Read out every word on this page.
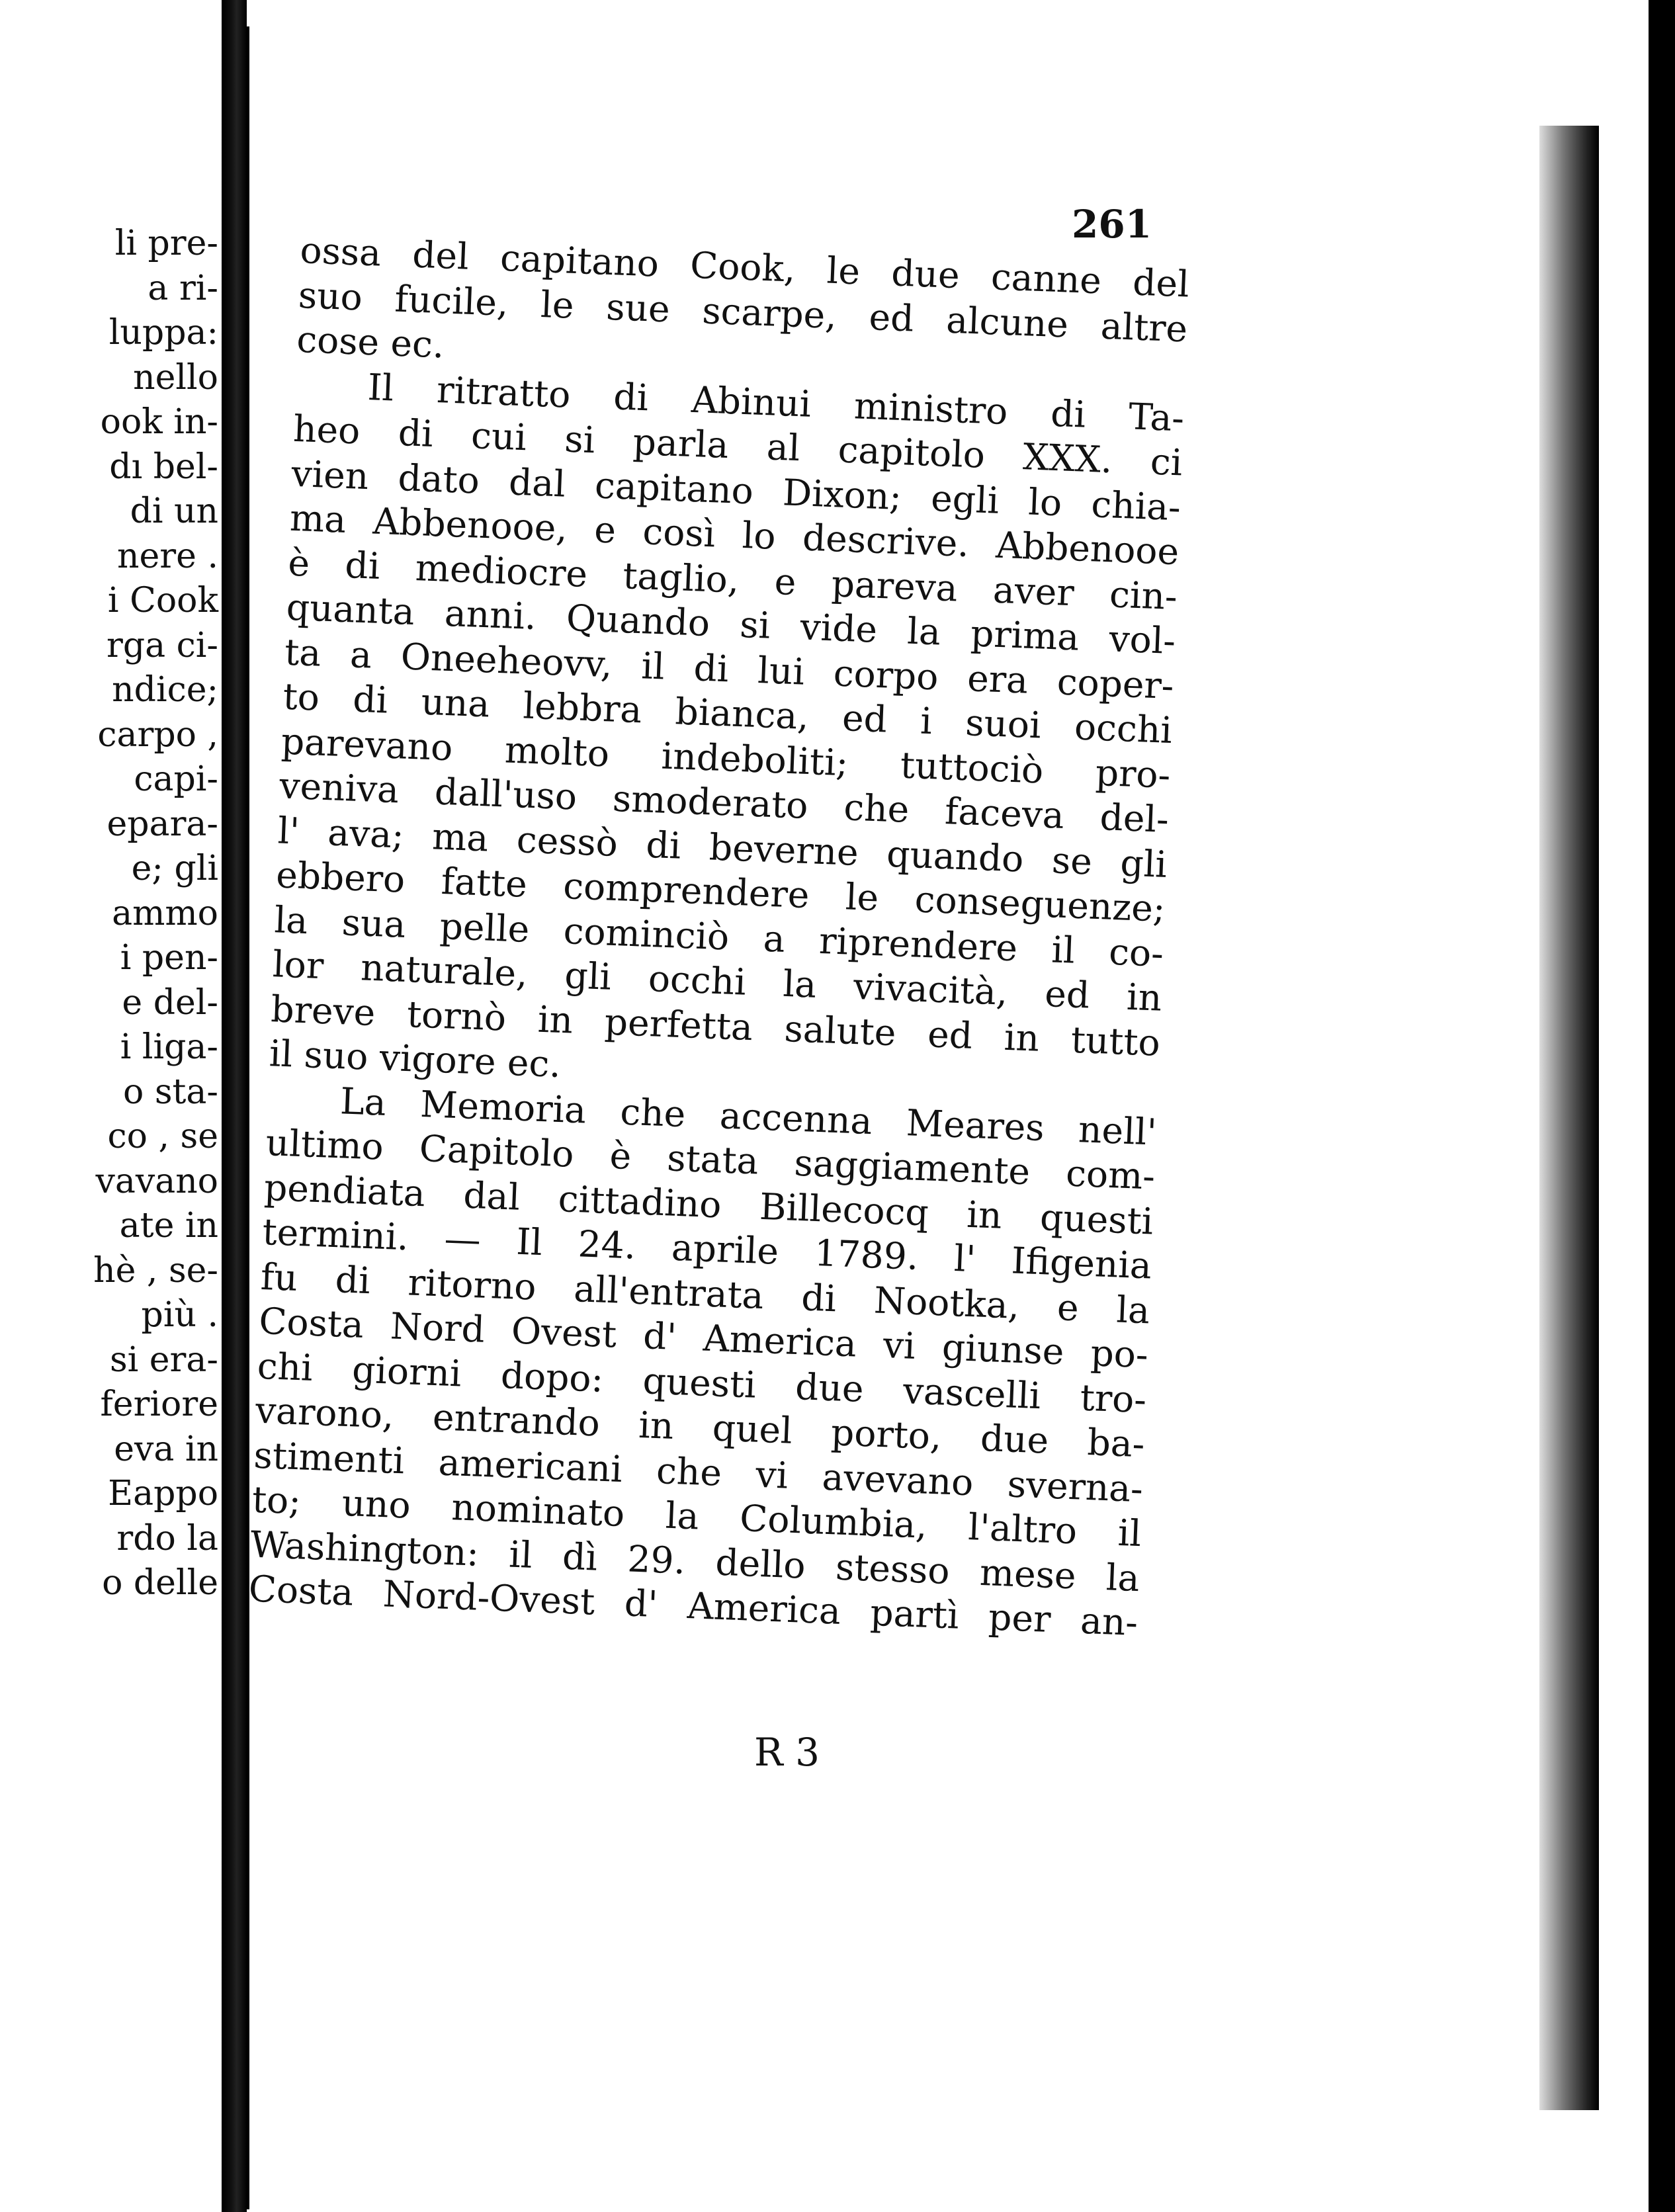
li pre-
a ri-
luppa:
nello
ook in-
dı bel-
di un
nere .
i Cook
rga ci-
ndice;
carpo ,
capi-
epara-
e; gli
ammo
i pen-
e del-
i liga-
o sta-
co , se
vavano
ate in
hè , se-
più .
si era-
feriore
eva in
Eappo
rdo la
o delle
261
ossa del capitano Cook, le due canne del
suo fucile, le sue scarpe, ed alcune altre
cose ec.
Il ritratto di Abinui ministro di Ta-
heo di cui si parla al capitolo XXX. ci
vien dato dal capitano Dixon; egli lo chia-
ma Abbenooe, e così lo descrive. Abbenooe
è di mediocre taglio, e pareva aver cin-
quanta anni. Quando si vide la prima vol-
ta a Oneeheovv, il di lui corpo era coper-
to di una lebbra bianca, ed i suoi occhi
parevano molto indeboliti; tuttociò pro-
veniva dall'uso smoderato che faceva del-
l' ava; ma cessò di beverne quando se gli
ebbero fatte comprendere le conseguenze;
la sua pelle cominciò a riprendere il co-
lor naturale, gli occhi la vivacità, ed in
breve tornò in perfetta salute ed in tutto
il suo vigore ec.
La Memoria che accenna Meares nell'
ultimo Capitolo è stata saggiamente com-
pendiata dal cittadino Billecocq in questi
termini. — Il 24. aprile 1789. l' Ifigenia
fu di ritorno all'entrata di Nootka, e la
Costa Nord Ovest d' America vi giunse po-
chi giorni dopo: questi due vascelli tro-
varono, entrando in quel porto, due ba-
stimenti americani che vi avevano sverna-
to; uno nominato la Columbia, l'altro il
Washington: il dì 29. dello stesso mese la
Costa Nord-Ovest d' America partì per an-
R 3
